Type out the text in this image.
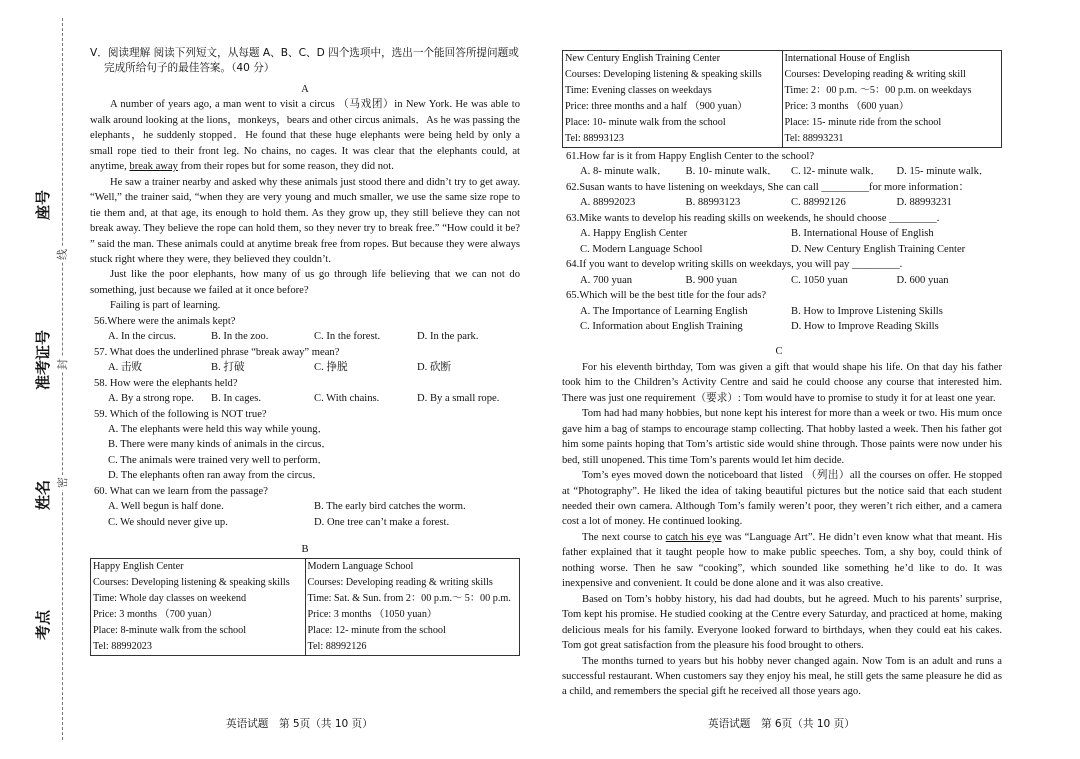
考点
姓名
准考证号
座号
线
封
密
V．阅读理解 阅读下列短文，从每题 A、B、C、D 四个选项中，选出一个能回答所提问题或
完成所给句子的最佳答案。（40 分）
A

A number of years ago, a man went to visit a circus （马戏团）in New York. He was able to walk around looking at the lions，monkeys，bears and other circus animals．As he was passing the elephants，he suddenly stopped．He found that these huge elephants were being held by only a small rope tied to their front leg. No chains, no cages. It was clear that the elephants could, at anytime, break away from their ropes but for some reason, they did not.

He saw a trainer nearby and asked why these animals just stood there and didn’t try to get away. “Well,” the trainer said, “when they are very young and much smaller, we use the same size rope to tie them and, at that age, its enough to hold them. As they grow up, they still believe they can not break away. They believe the rope can hold them, so they never try to break free.” “How could it be? ” said the man. These animals could at anytime break free from ropes. But because they were always stuck right where they were, they believed they couldn’t.

Just like the poor elephants, how many of us go through life believing that we can not do something, just because we failed at it once before?

Failing is part of learning.

56.Where were the animals kept?
A. In the circus.	B. In the zoo.	C. In the forest.	D. In the park.
57. What does the underlined phrase “break away” mean?
A. 击败	B. 打破	C. 挣脱	D. 砍断
58. How were the elephants held?
A. By a strong rope.	B. In cages.	C. With chains.	D. By a small rope.
59. Which of the following is NOT true?
A. The elephants were held this way while young．
B. There were many kinds of animals in the circus．
C. The animals were trained very well to perform．
D. The elephants often ran away from the circus．
60. What can we learn from the passage?
A. Well begun is half done.	B. The early bird catches the worm.
C. We should never give up.	D. One tree can’t make a forest.
B
Happy English Center	Modern Language School
Courses: Developing listening & speaking skills	Courses: Developing reading & writing skills
Time: Whole day classes on weekend	Time: Sat. & Sun. from 2：00 p.m.～ 5：00 p.m.
Price: 3 months （700 yuan）	Price: 3 months （1050 yuan）
Place: 8-minute walk from the school	Place: 12- minute from the school
Tel: 88992023	Tel: 88992126
英语试题　第 5页（共 10 页）
New Century English Training Center	International House of English
Courses: Developing listening & speaking skills	Courses: Developing reading & writing skill
Time: Evening classes on weekdays	Time: 2：00 p.m. ～5：00 p.m. on weekdays
Price: three months and a half （900 yuan）	Price: 3 months （600 yuan）
Place: 10- minute walk from the school	Place: 15- minute ride from the school
Tel: 88993123	Tel: 88993231
61.How far is it from Happy English Center to the school?
A. 8- minute walk．	B. 10- minute walk．	C. l2- minute walk．	D. 15- minute walk．
62.Susan wants to have listening on weekdays, She can call _________for more information：
A. 88992023	B. 88993123	C. 88992126	D. 88993231
63.Mike wants to develop his reading skills on weekends, he should choose _________.
A. Happy English Center	B. International House of English
C. Modern Language School	D. New Century English Training Center
64.If you want to develop writing skills on weekdays, you will pay _________.
A. 700 yuan	B. 900 yuan	C. 1050 yuan	D. 600 yuan
65.Which will be the best title for the four ads?
A. The Importance of Learning English	B. How to Improve Listening Skills
C. Information about English Training	D. How to Improve Reading Skills
C

For his eleventh birthday, Tom was given a gift that would shape his life. On that day his father took him to the Children’s Activity Centre and said he could choose any course that interested him. There was just one requirement（要求）: Tom would have to promise to study it for at least one year.

Tom had had many hobbies, but none kept his interest for more than a week or two. His mum once gave him a bag of stamps to encourage stamp collecting. That hobby lasted a week. Then his father got him some paints hoping that Tom’s artistic side would shine through. Those paints were now under his bed, still unopened. This time Tom’s parents would let him decide.

Tom’s eyes moved down the noticeboard that listed （列出）all the courses on offer. He stopped at “Photography”. He liked the idea of taking beautiful pictures but the notice said that each student needed their own camera. Although Tom’s family weren’t poor, they weren’t rich either, and a camera cost a lot of money. He continued looking.

The next course to catch his eye was “Language Art”. He didn’t even know what that meant. His father explained that it taught people how to make public speeches. Tom, a shy boy, could think of nothing worse. Then he saw “cooking”, which sounded like something he’d like to do. It was inexpensive and convenient. It could be done alone and it was also creative.

Based on Tom’s hobby history, his dad had doubts, but he agreed. Much to his parents’ surprise, Tom kept his promise. He studied cooking at the Centre every Saturday, and practiced at home, making delicious meals for his family. Everyone looked forward to birthdays, when they could eat his cakes. Tom got great satisfaction from the pleasure his food brought to others.

The months turned to years but his hobby never changed again. Now Tom is an adult and runs a successful restaurant. When customers say they enjoy his meal, he still gets the same pleasure he did as a child, and remembers the special gift he received all those years ago.

英语试题　第 6页（共 10 页）
